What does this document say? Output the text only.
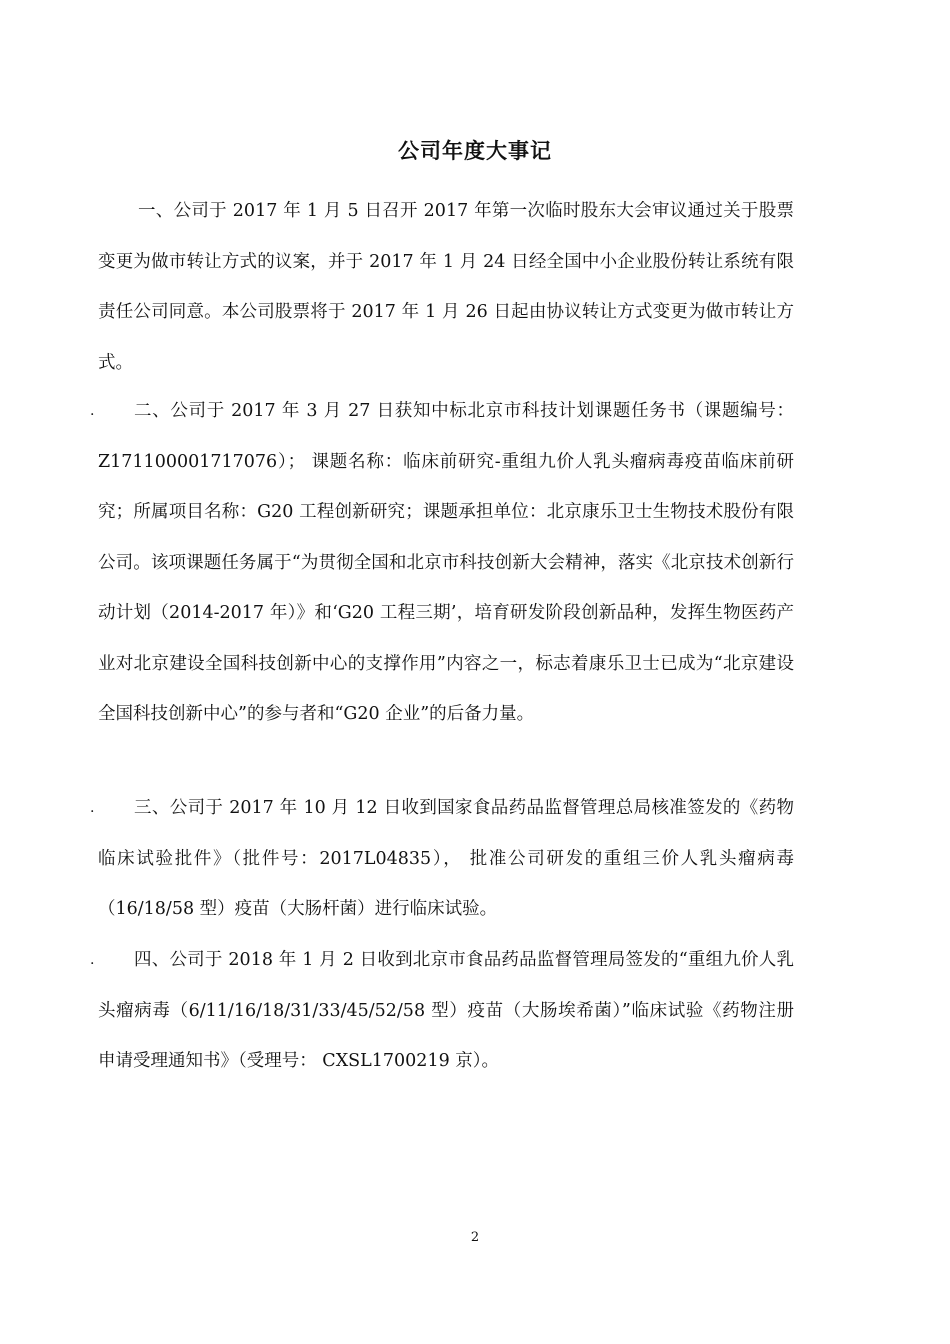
公司年度大事记

一、公司于 2017 年 1 月 5 日召开 2017 年第一次临时股东大会审议通过关于股票变更为做市转让方式的议案，并于 2017 年 1 月 24 日经全国中小企业股份转让系统有限责任公司同意。本公司股票将于 2017 年 1 月 26 日起由协议转让方式变更为做市转让方式。

.	二、公司于 2017 年 3 月 27 日获知中标北京市科技计划课题任务书（课题编号：Z171100001717076）； 课题名称：临床前研究-重组九价人乳头瘤病毒疫苗临床前研究；所属项目名称：G20 工程创新研究；课题承担单位：北京康乐卫士生物技术股份有限公司。该项课题任务属于“为贯彻全国和北京市科技创新大会精神，落实《北京技术创新行动计划（2014-2017 年）》和‘G20 工程三期’，培育研发阶段创新品种，发挥生物医药产业对北京建设全国科技创新中心的支撑作用”内容之一，标志着康乐卫士已成为“北京建设全国科技创新中心”的参与者和“G20 企业”的后备力量。

.	三、公司于 2017 年 10 月 12 日收到国家食品药品监督管理总局核准签发的《药物临床试验批件》（批件号：2017L04835）， 批准公司研发的重组三价人乳头瘤病毒（16/18/58 型）疫苗（大肠杆菌）进行临床试验。

.	四、公司于 2018 年 1 月 2 日收到北京市食品药品监督管理局签发的“重组九价人乳头瘤病毒（6/11/16/18/31/33/45/52/58 型）疫苗（大肠埃希菌）”临床试验《药物注册申请受理通知书》（受理号： CXSL1700219 京）。

2
